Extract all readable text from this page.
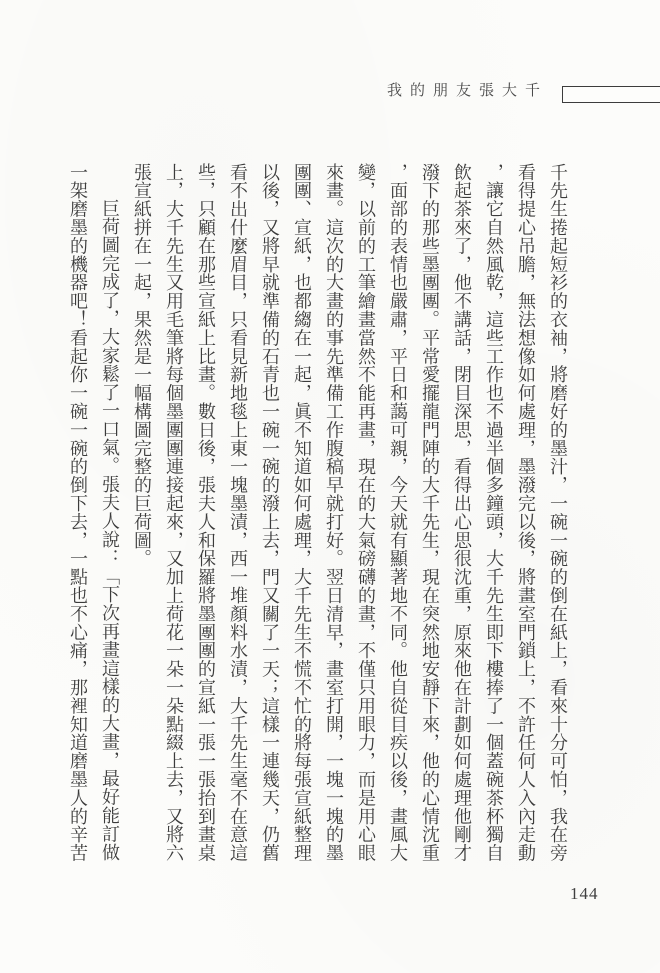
我的朋友張大千

千先生捲起短衫的衣袖，將磨好的墨汁，一碗一碗的倒在紙上，看來十分可怕，我在旁看得提心吊膽，無法想像如何處理，墨潑完以後，將畫室門鎖上，不許任何人入內走動，讓它自然風乾，這些工作也不過半個多鐘頭，大千先生即下樓捧了一個蓋碗茶杯獨自飲起茶來了，他不講話，閉目深思，看得出心思很沈重，原來他在計劃如何處理他剛才潑下的那些墨團團。平常愛擺龍門陣的大千先生，現在突然地安靜下來，他的心情沈重，面部的表情也嚴肅，平日和藹可親，今天就有顯著地不同。他自從目疾以後，畫風大變，以前的工筆繪畫當然不能再畫，現在的大氣磅礴的畫，不僅只用眼力，而是用心眼來畫。這次的大畫的事先準備工作腹稿早就打好。翌日清早，畫室打開，一塊一塊的墨團團、宣紙，也都縐在一起，眞不知道如何處理，大千先生不慌不忙的將每張宣紙整理以後，又將早就準備的石青也一碗一碗的潑上去，門又關了一天；這樣一連幾天，仍舊看不出什麼眉目，只看見新地毯上東一塊墨漬，西一堆顏料水漬，大千先生毫不在意這些，只顧在那些宣紙上比畫。數日後，張夫人和保羅將墨團團的宣紙一張一張抬到畫桌上，大千先生又用毛筆將每個墨團團連接起來，又加上荷花一朵一朵點綴上去，又將六張宣紙拼在一起，果然是一幅構圖完整的巨荷圖。

巨荷圖完成了，大家鬆了一口氣。張夫人說：「下次再畫這樣的大畫，最好能訂做一架磨墨的機器吧！看起你一碗一碗的倒下去，一點也不心痛，那裡知道磨墨人的辛苦

144
